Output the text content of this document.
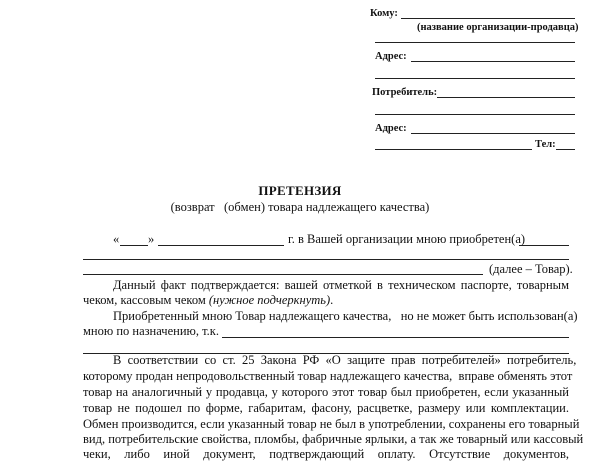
Кому:
(название организации-продавца)
Адрес:
Потребитель:
Адрес:
Тел:
ПРЕТЕНЗИЯ
(возврат   (обмен) товара надлежащего качества)
« »	г. в Вашей организации мною приобретен(а)
(далее – Товар).
Данный факт подтверждается: вашей отметкой в техническом паспорте, товарным
чеком, кассовым чеком (нужное подчеркнуть).
Приобретенный мною Товар надлежащего качества,   но не может быть использован(а)
мною по назначению, т.к.
В  соответствии  со  ст.  25  Закона  РФ  «О  защите  прав  потребителей»  потребитель,
которому продан непродовольственный товар надлежащего качества,  вправе обменять этот
товар на аналогичный у продавца, у которого этот товар был приобретен, если указанный
товар не подошел по форме, габаритам, фасону, расцветке, размеру или комплектации.
Обмен производится, если указанный товар не был в употреблении, сохранены его товарный
вид, потребительские свойства, пломбы, фабричные ярлыки, а так же товарный или кассовый
чеки,   либо   иной   документ,   подтверждающий   оплату.   Отсутствие   документов,
